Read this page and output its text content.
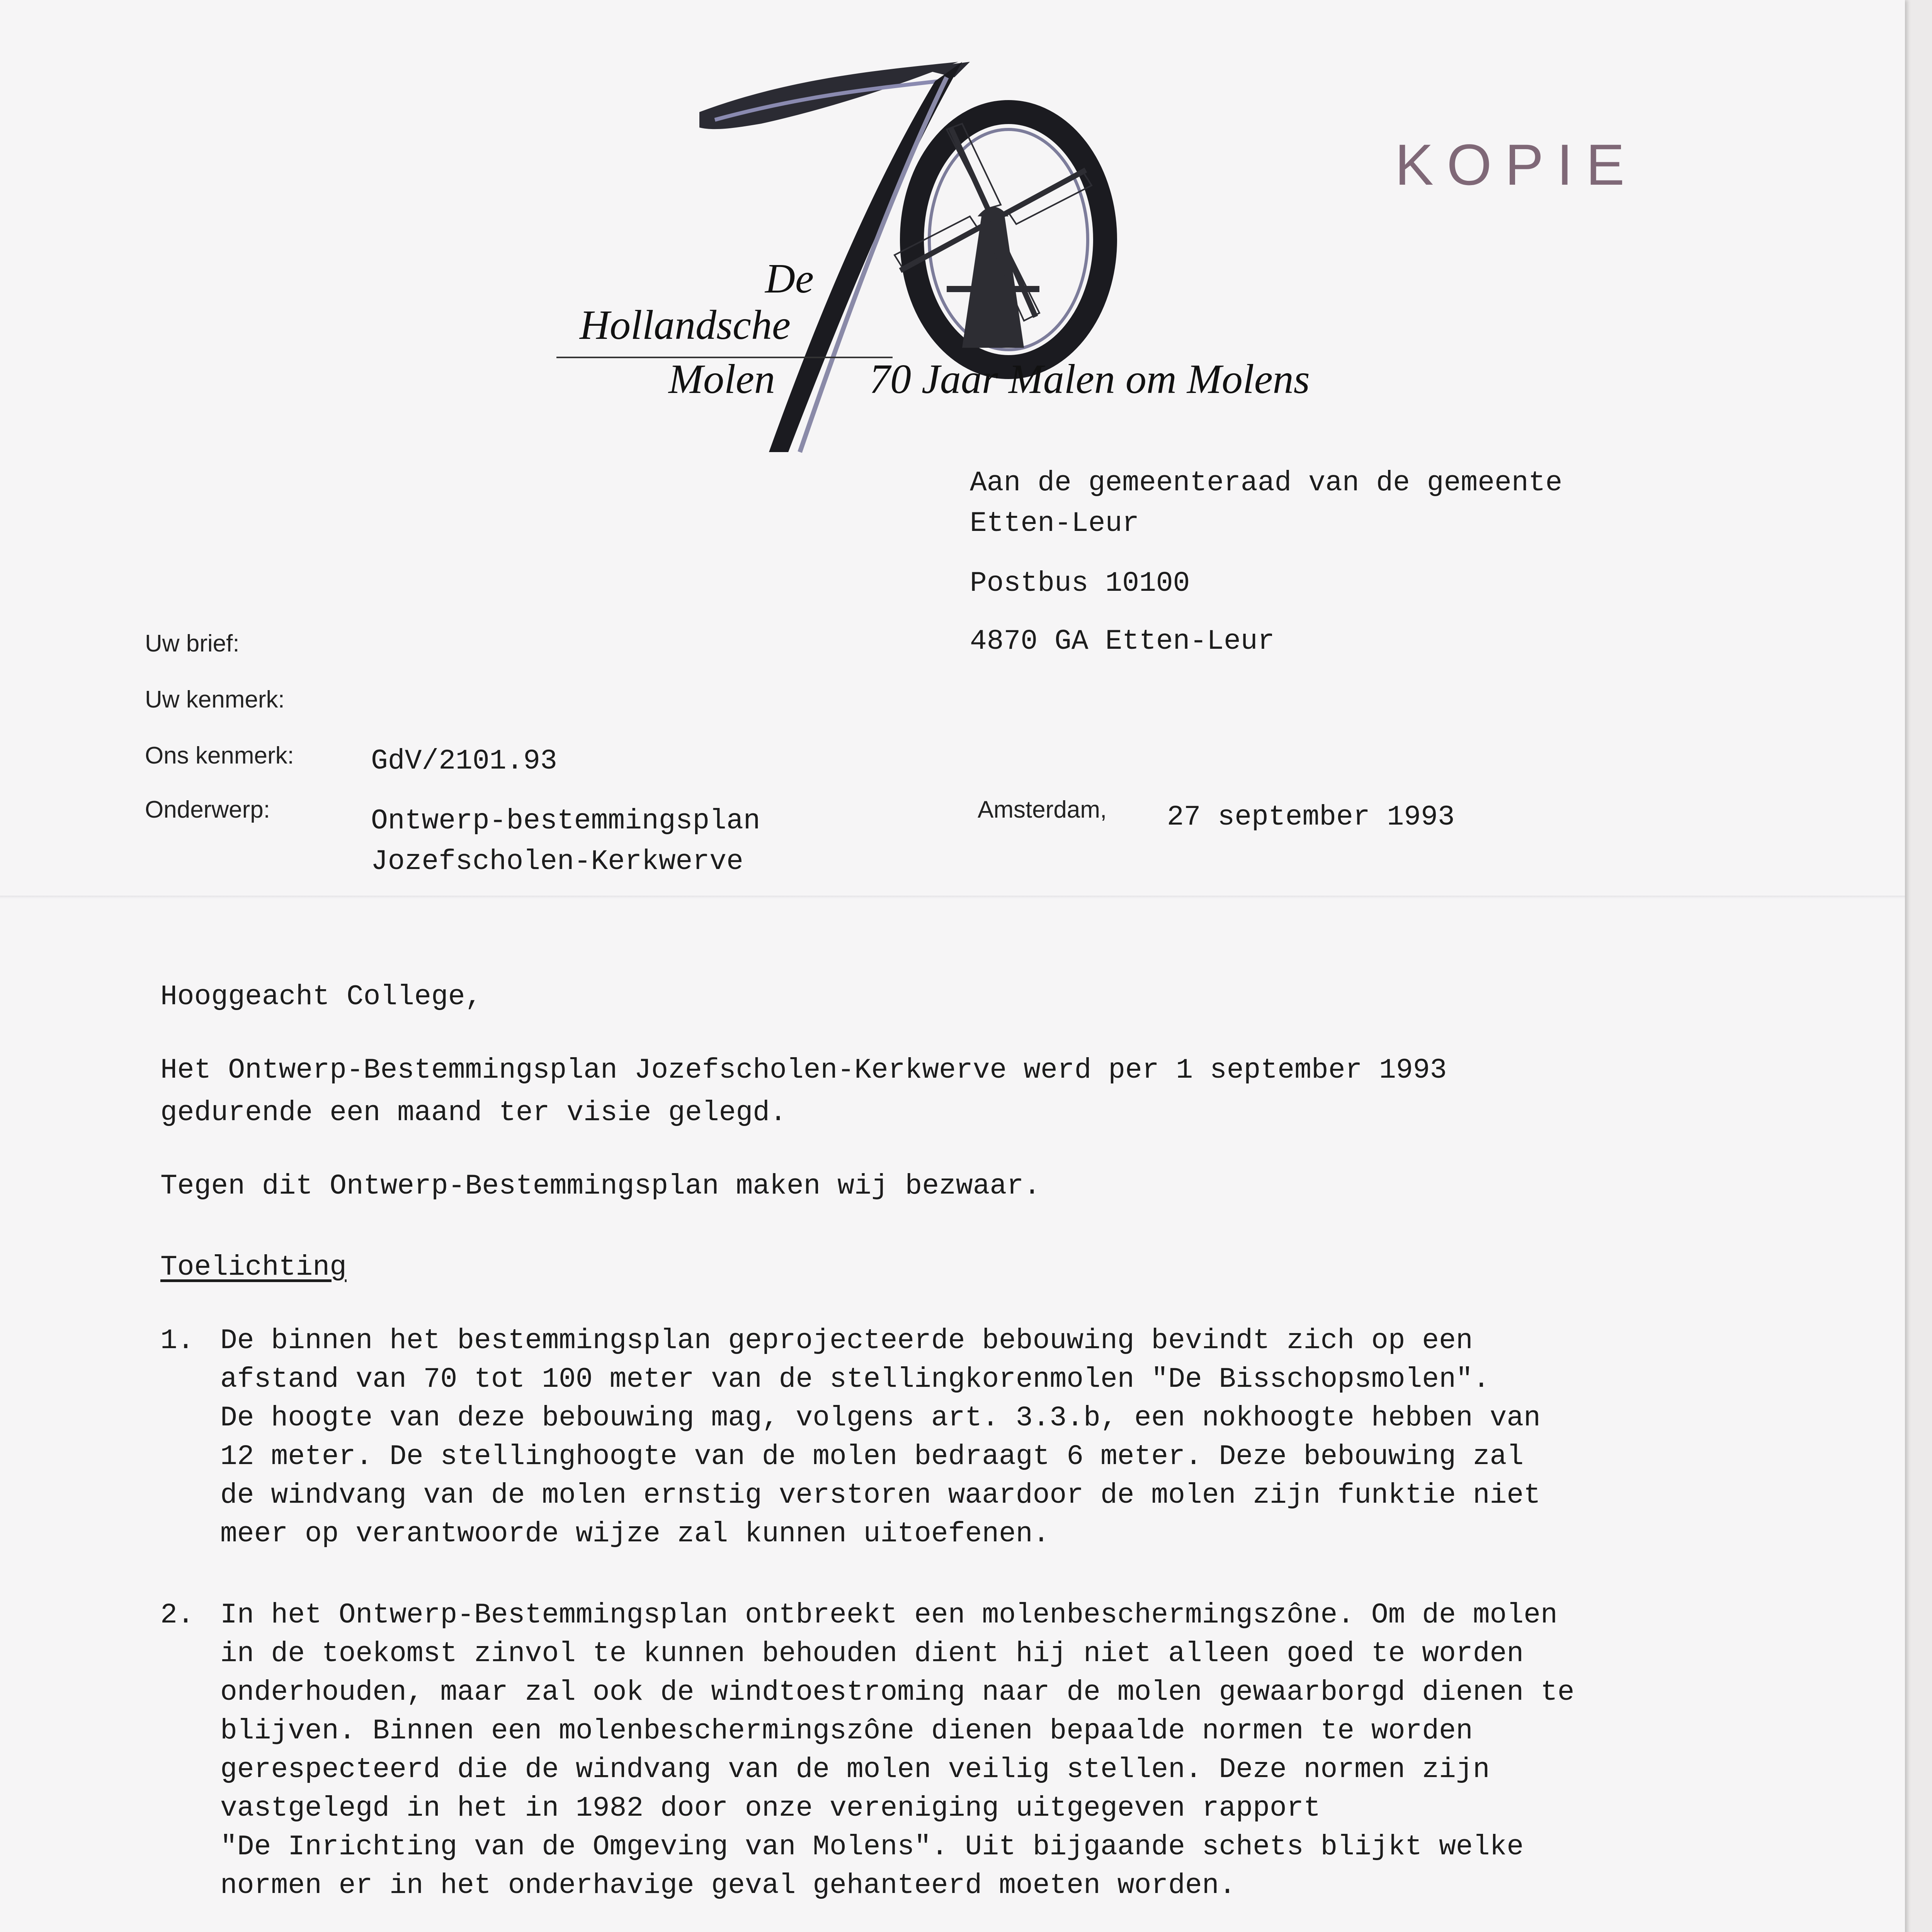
KOPIE
De
Hollandsche
Molen 70 Jaar Malen om Molens
Aan de gemeenteraad van de gemeente
Etten-Leur
Postbus 10100
4870 GA Etten-Leur
Uw brief:
Uw kenmerk:
Ons kenmerk:	GdV/2101.93
Onderwerp:	Ontwerp-bestemmingsplan
Jozefscholen-Kerkwerve
Amsterdam, 27 september 1993
Hooggeacht College,
Het Ontwerp-Bestemmingsplan Jozefscholen-Kerkwerve werd per 1 september 1993
gedurende een maand ter visie gelegd.
Tegen dit Ontwerp-Bestemmingsplan maken wij bezwaar.
Toelichting
1. De binnen het bestemmingsplan geprojecteerde bebouwing bevindt zich op een
afstand van 70 tot 100 meter van de stellingkorenmolen "De Bisschopsmolen".
De hoogte van deze bebouwing mag, volgens art. 3.3.b, een nokhoogte hebben van
12 meter. De stellinghoogte van de molen bedraagt 6 meter. Deze bebouwing zal
de windvang van de molen ernstig verstoren waardoor de molen zijn funktie niet
meer op verantwoorde wijze zal kunnen uitoefenen.
2. In het Ontwerp-Bestemmingsplan ontbreekt een molenbeschermingszône. Om de molen
in de toekomst zinvol te kunnen behouden dient hij niet alleen goed te worden
onderhouden, maar zal ook de windtoestroming naar de molen gewaarborgd dienen te
blijven. Binnen een molenbeschermingszône dienen bepaalde normen te worden
gerespecteerd die de windvang van de molen veilig stellen. Deze normen zijn
vastgelegd in het in 1982 door onze vereniging uitgegeven rapport
"De Inrichting van de Omgeving van Molens". Uit bijgaande schets blijkt welke
normen er in het onderhavige geval gehanteerd moeten worden.
